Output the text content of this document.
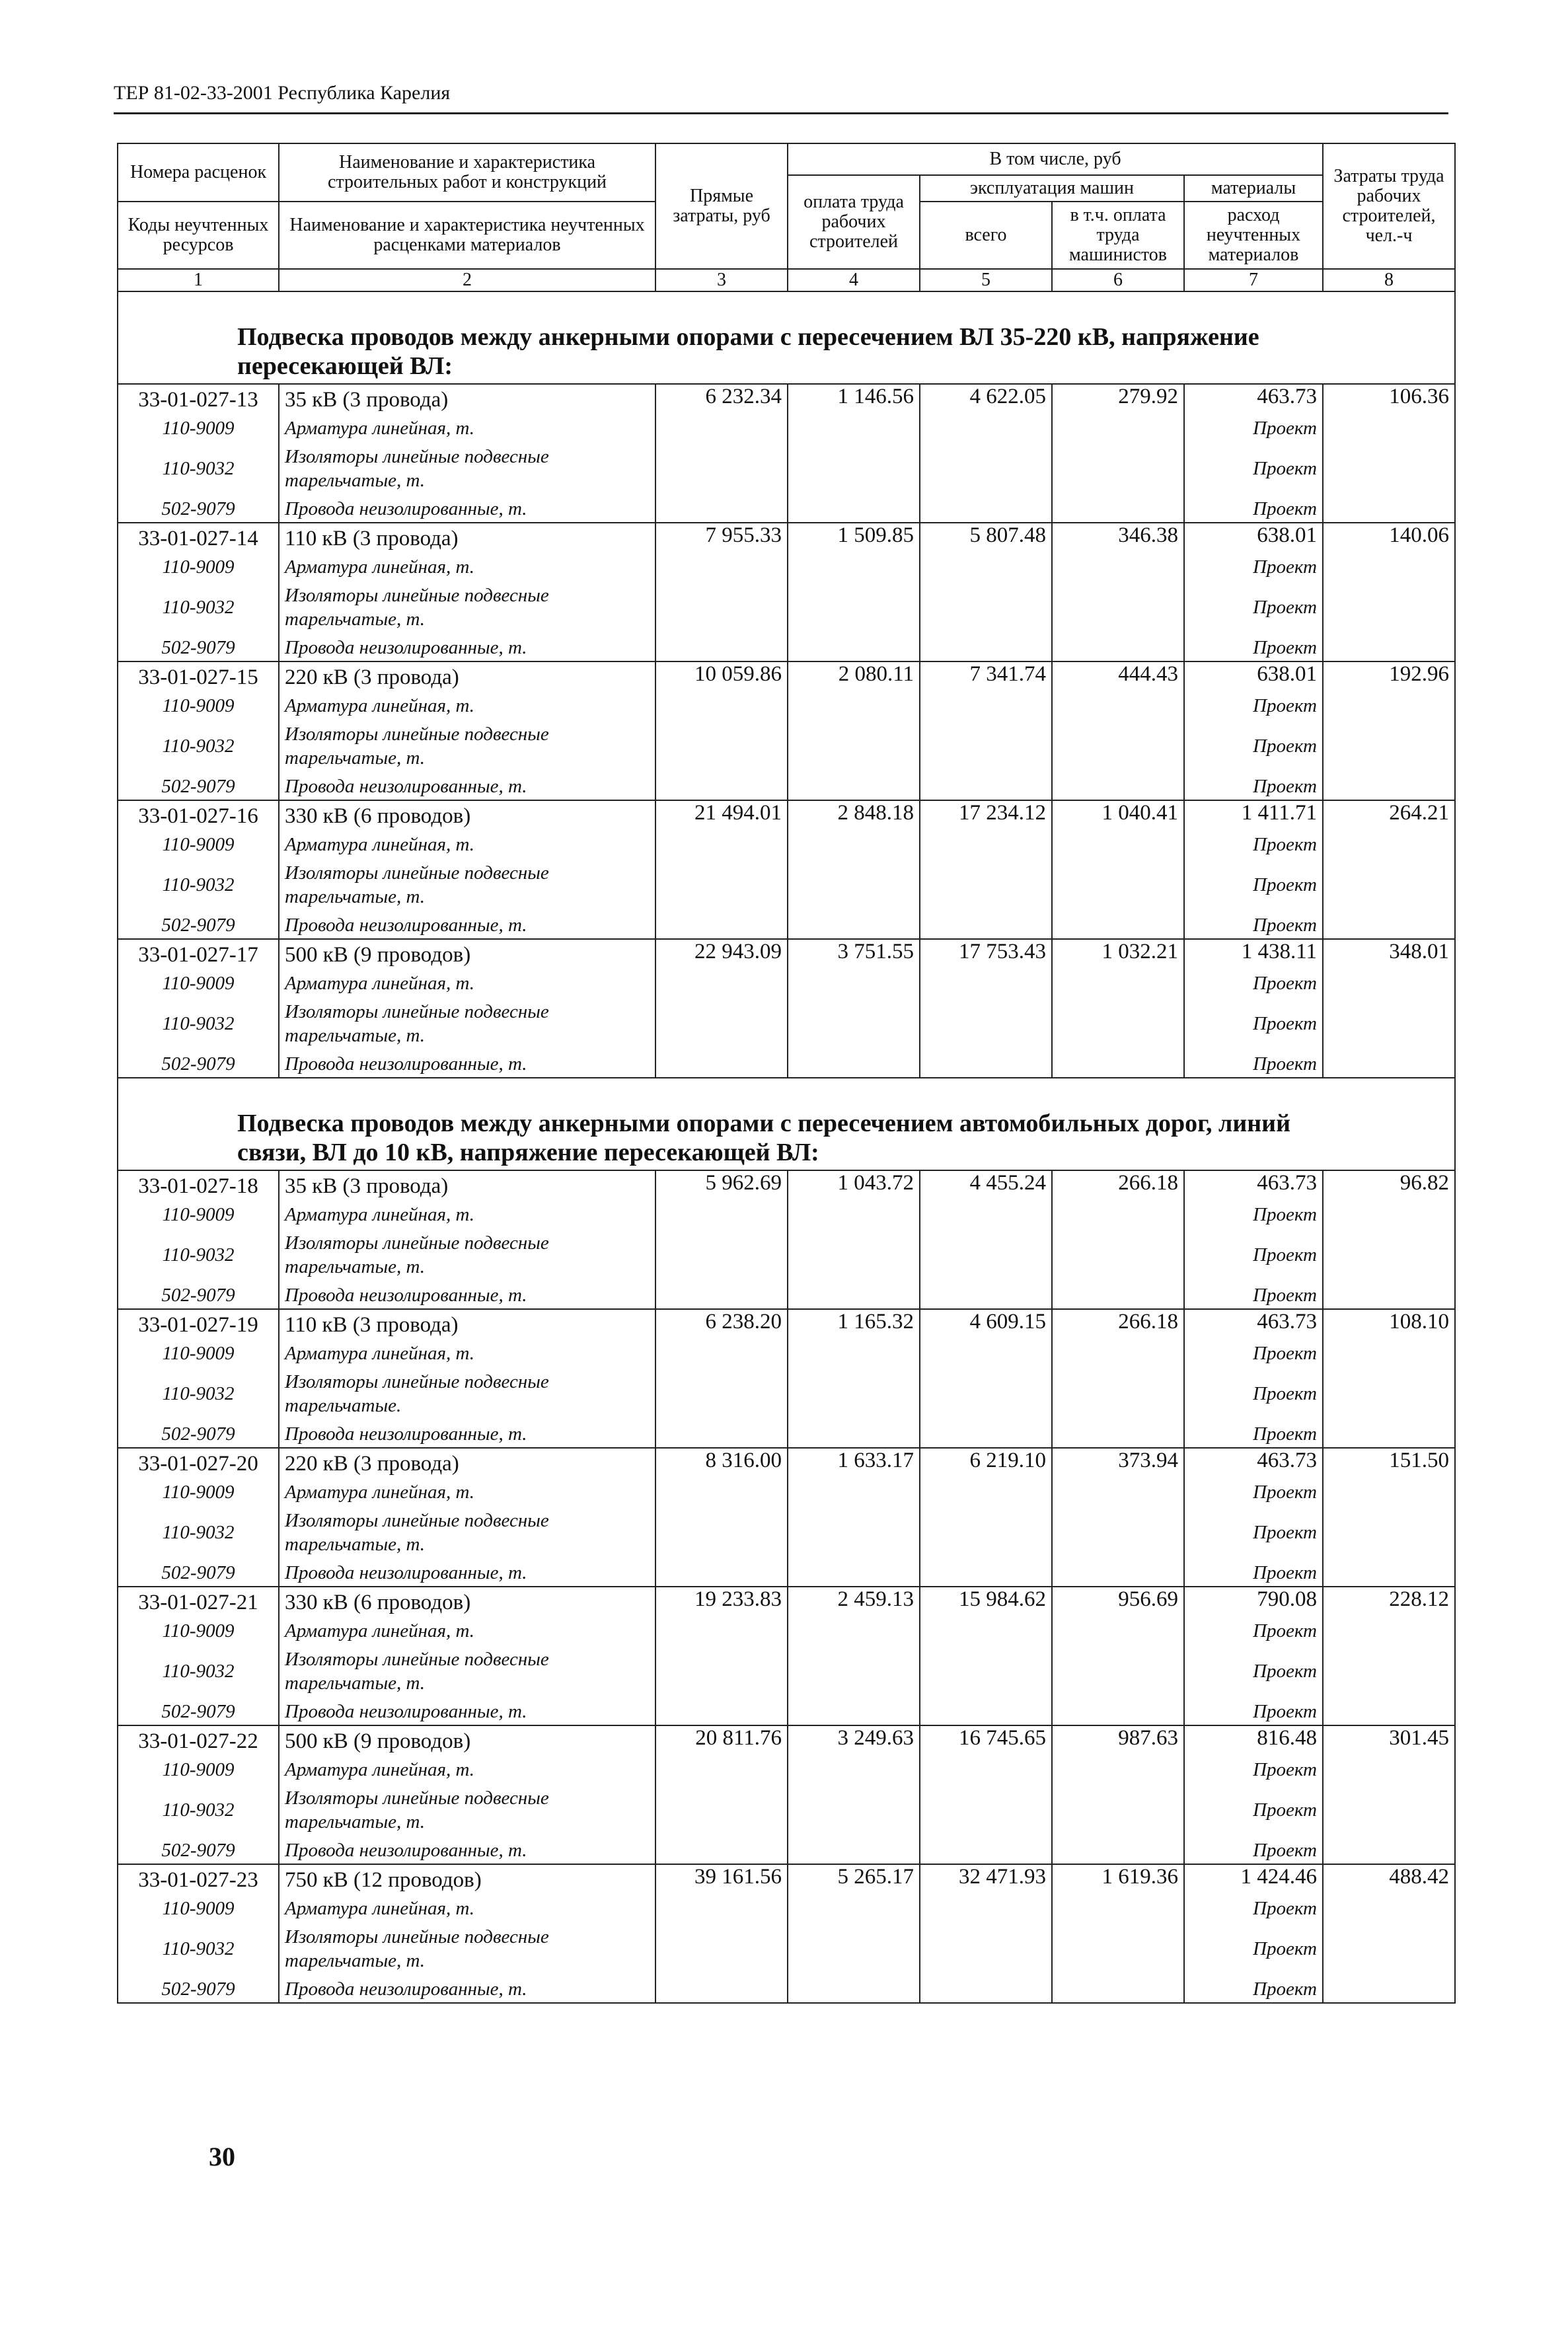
ТЕР 81-02-33-2001 Республика Карелия
Номера расценок	Наименование и характеристика строительных работ и конструкций	Прямые затраты, руб	В том числе, руб				Затраты труда рабочих строителей, чел.-ч
			оплата труда рабочих строителей	эксплуатация машин		материалы	
Коды неучтенных ресурсов	Наименование и характеристика неучтенных расценками материалов			всего	в т.ч. оплата труда машинистов	расход неучтенных материалов	
1	2	3	4	5	6	7	8
Подвеска проводов между анкерными опорами с пересечением ВЛ 35-220 кВ, напряжение пересекающей ВЛ:							
33-01-027-13	35 кВ (3 провода)	6 232.34	1 146.56	4 622.05	279.92	463.73	106.36
110-9009	Арматура линейная, т.					Проект	
110-9032	Изоляторы линейные подвесные тарельчатые, т.					Проект	
502-9079	Провода неизолированные, т.					Проект	
33-01-027-14	110 кВ (3 провода)	7 955.33	1 509.85	5 807.48	346.38	638.01	140.06
110-9009	Арматура линейная, т.					Проект	
110-9032	Изоляторы линейные подвесные тарельчатые, т.					Проект	
502-9079	Провода неизолированные, т.					Проект	
33-01-027-15	220 кВ (3 провода)	10 059.86	2 080.11	7 341.74	444.43	638.01	192.96
110-9009	Арматура линейная, т.					Проект	
110-9032	Изоляторы линейные подвесные тарельчатые, т.					Проект	
502-9079	Провода неизолированные, т.					Проект	
33-01-027-16	330 кВ (6 проводов)	21 494.01	2 848.18	17 234.12	1 040.41	1 411.71	264.21
110-9009	Арматура линейная, т.					Проект	
110-9032	Изоляторы линейные подвесные тарельчатые, т.					Проект	
502-9079	Провода неизолированные, т.					Проект	
33-01-027-17	500 кВ (9 проводов)	22 943.09	3 751.55	17 753.43	1 032.21	1 438.11	348.01
110-9009	Арматура линейная, т.					Проект	
110-9032	Изоляторы линейные подвесные тарельчатые, т.					Проект	
502-9079	Провода неизолированные, т.					Проект	
Подвеска проводов между анкерными опорами с пересечением автомобильных дорог, линий связи, ВЛ до 10 кВ, напряжение пересекающей ВЛ:							
33-01-027-18	35 кВ (3 провода)	5 962.69	1 043.72	4 455.24	266.18	463.73	96.82
110-9009	Арматура линейная, т.					Проект	
110-9032	Изоляторы линейные подвесные тарельчатые, т.					Проект	
502-9079	Провода неизолированные, т.					Проект	
33-01-027-19	110 кВ (3 провода)	6 238.20	1 165.32	4 609.15	266.18	463.73	108.10
110-9009	Арматура линейная, т.					Проект	
110-9032	Изоляторы линейные подвесные тарельчатые.					Проект	
502-9079	Провода неизолированные, т.					Проект	
33-01-027-20	220 кВ (3 провода)	8 316.00	1 633.17	6 219.10	373.94	463.73	151.50
110-9009	Арматура линейная, т.					Проект	
110-9032	Изоляторы линейные подвесные тарельчатые, т.					Проект	
502-9079	Провода неизолированные, т.					Проект	
33-01-027-21	330 кВ (6 проводов)	19 233.83	2 459.13	15 984.62	956.69	790.08	228.12
110-9009	Арматура линейная, т.					Проект	
110-9032	Изоляторы линейные подвесные тарельчатые, т.					Проект	
502-9079	Провода неизолированные, т.					Проект	
33-01-027-22	500 кВ (9 проводов)	20 811.76	3 249.63	16 745.65	987.63	816.48	301.45
110-9009	Арматура линейная, т.					Проект	
110-9032	Изоляторы линейные подвесные тарельчатые, т.					Проект	
502-9079	Провода неизолированные, т.					Проект	
33-01-027-23	750 кВ (12 проводов)	39 161.56	5 265.17	32 471.93	1 619.36	1 424.46	488.42
110-9009	Арматура линейная, т.					Проект	
110-9032	Изоляторы линейные подвесные тарельчатые, т.					Проект	
502-9079	Провода неизолированные, т.					Проект	
30
